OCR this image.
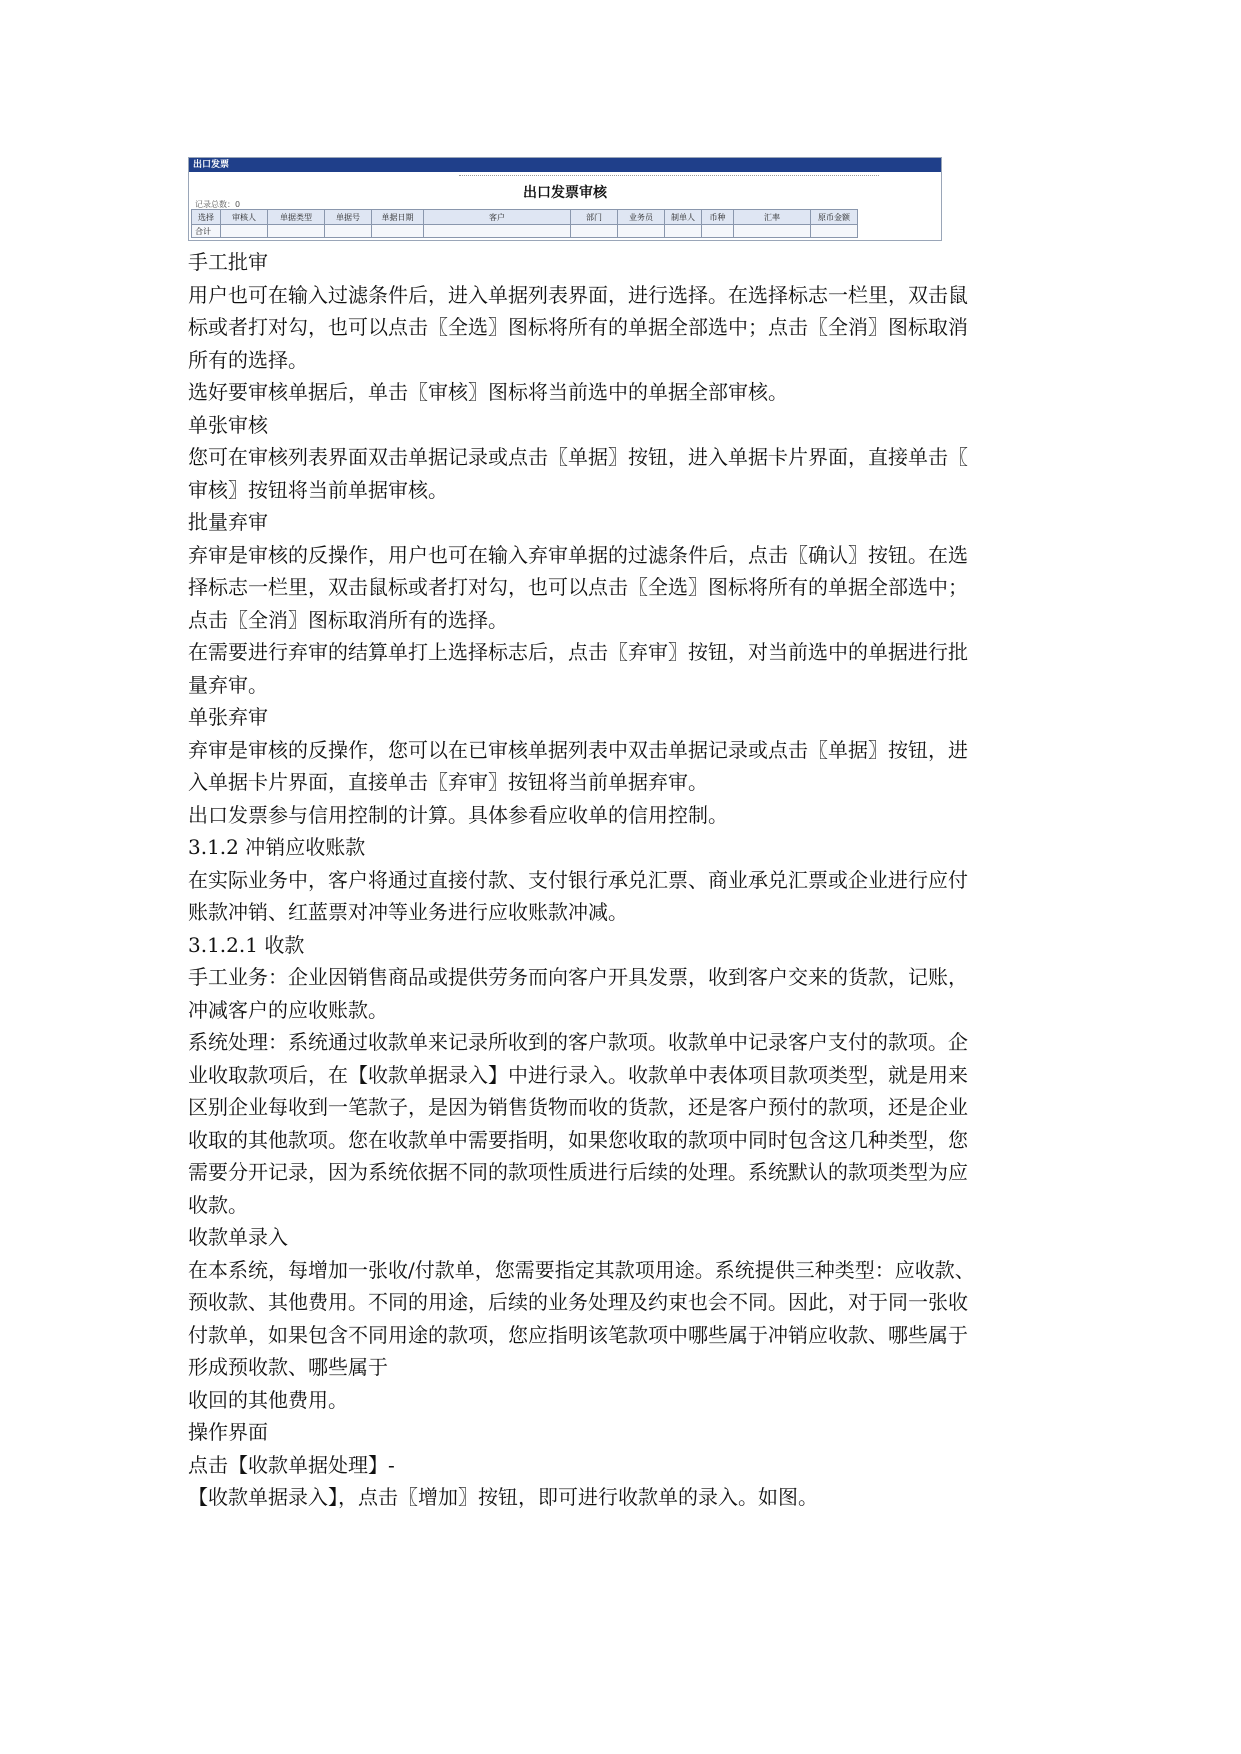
出口发票
出口发票审核
记录总数：0
选择	审核人	单据类型	单据号	单据日期	客户	部门	业务员	制单人	币种	汇率	原币金额
合计											

手工批审

用户也可在输入过滤条件后，进入单据列表界面，进行选择。在选择标志一栏里，双击鼠

标或者打对勾，也可以点击〖全选〗图标将所有的单据全部选中；点击〖全消〗图标取消

所有的选择。

选好要审核单据后，单击〖审核〗图标将当前选中的单据全部审核。

单张审核

您可在审核列表界面双击单据记录或点击〖单据〗按钮，进入单据卡片界面，直接单击〖

审核〗按钮将当前单据审核。

批量弃审

弃审是审核的反操作，用户也可在输入弃审单据的过滤条件后，点击〖确认〗按钮。在选

择标志一栏里，双击鼠标或者打对勾，也可以点击〖全选〗图标将所有的单据全部选中；

点击〖全消〗图标取消所有的选择。

在需要进行弃审的结算单打上选择标志后，点击〖弃审〗按钮，对当前选中的单据进行批

量弃审。

单张弃审

弃审是审核的反操作，您可以在已审核单据列表中双击单据记录或点击〖单据〗按钮，进

入单据卡片界面，直接单击〖弃审〗按钮将当前单据弃审。

出口发票参与信用控制的计算。具体参看应收单的信用控制。

3.1.2 冲销应收账款

在实际业务中，客户将通过直接付款、支付银行承兑汇票、商业承兑汇票或企业进行应付

账款冲销、红蓝票对冲等业务进行应收账款冲减。

3.1.2.1 收款

手工业务：企业因销售商品或提供劳务而向客户开具发票，收到客户交来的货款，记账，

冲减客户的应收账款。

系统处理：系统通过收款单来记录所收到的客户款项。收款单中记录客户支付的款项。企

业收取款项后，在【收款单据录入】中进行录入。收款单中表体项目款项类型，就是用来

区别企业每收到一笔款子，是因为销售货物而收的货款，还是客户预付的款项，还是企业

收取的其他款项。您在收款单中需要指明，如果您收取的款项中同时包含这几种类型，您

需要分开记录，因为系统依据不同的款项性质进行后续的处理。系统默认的款项类型为应

收款。

收款单录入

在本系统，每增加一张收/付款单，您需要指定其款项用途。系统提供三种类型：应收款、

预收款、其他费用。不同的用途，后续的业务处理及约束也会不同。因此，对于同一张收

付款单，如果包含不同用途的款项，您应指明该笔款项中哪些属于冲销应收款、哪些属于

形成预收款、哪些属于

收回的其他费用。

操作界面

点击【收款单据处理】-

【收款单据录入】，点击〖增加〗按钮，即可进行收款单的录入。如图。
